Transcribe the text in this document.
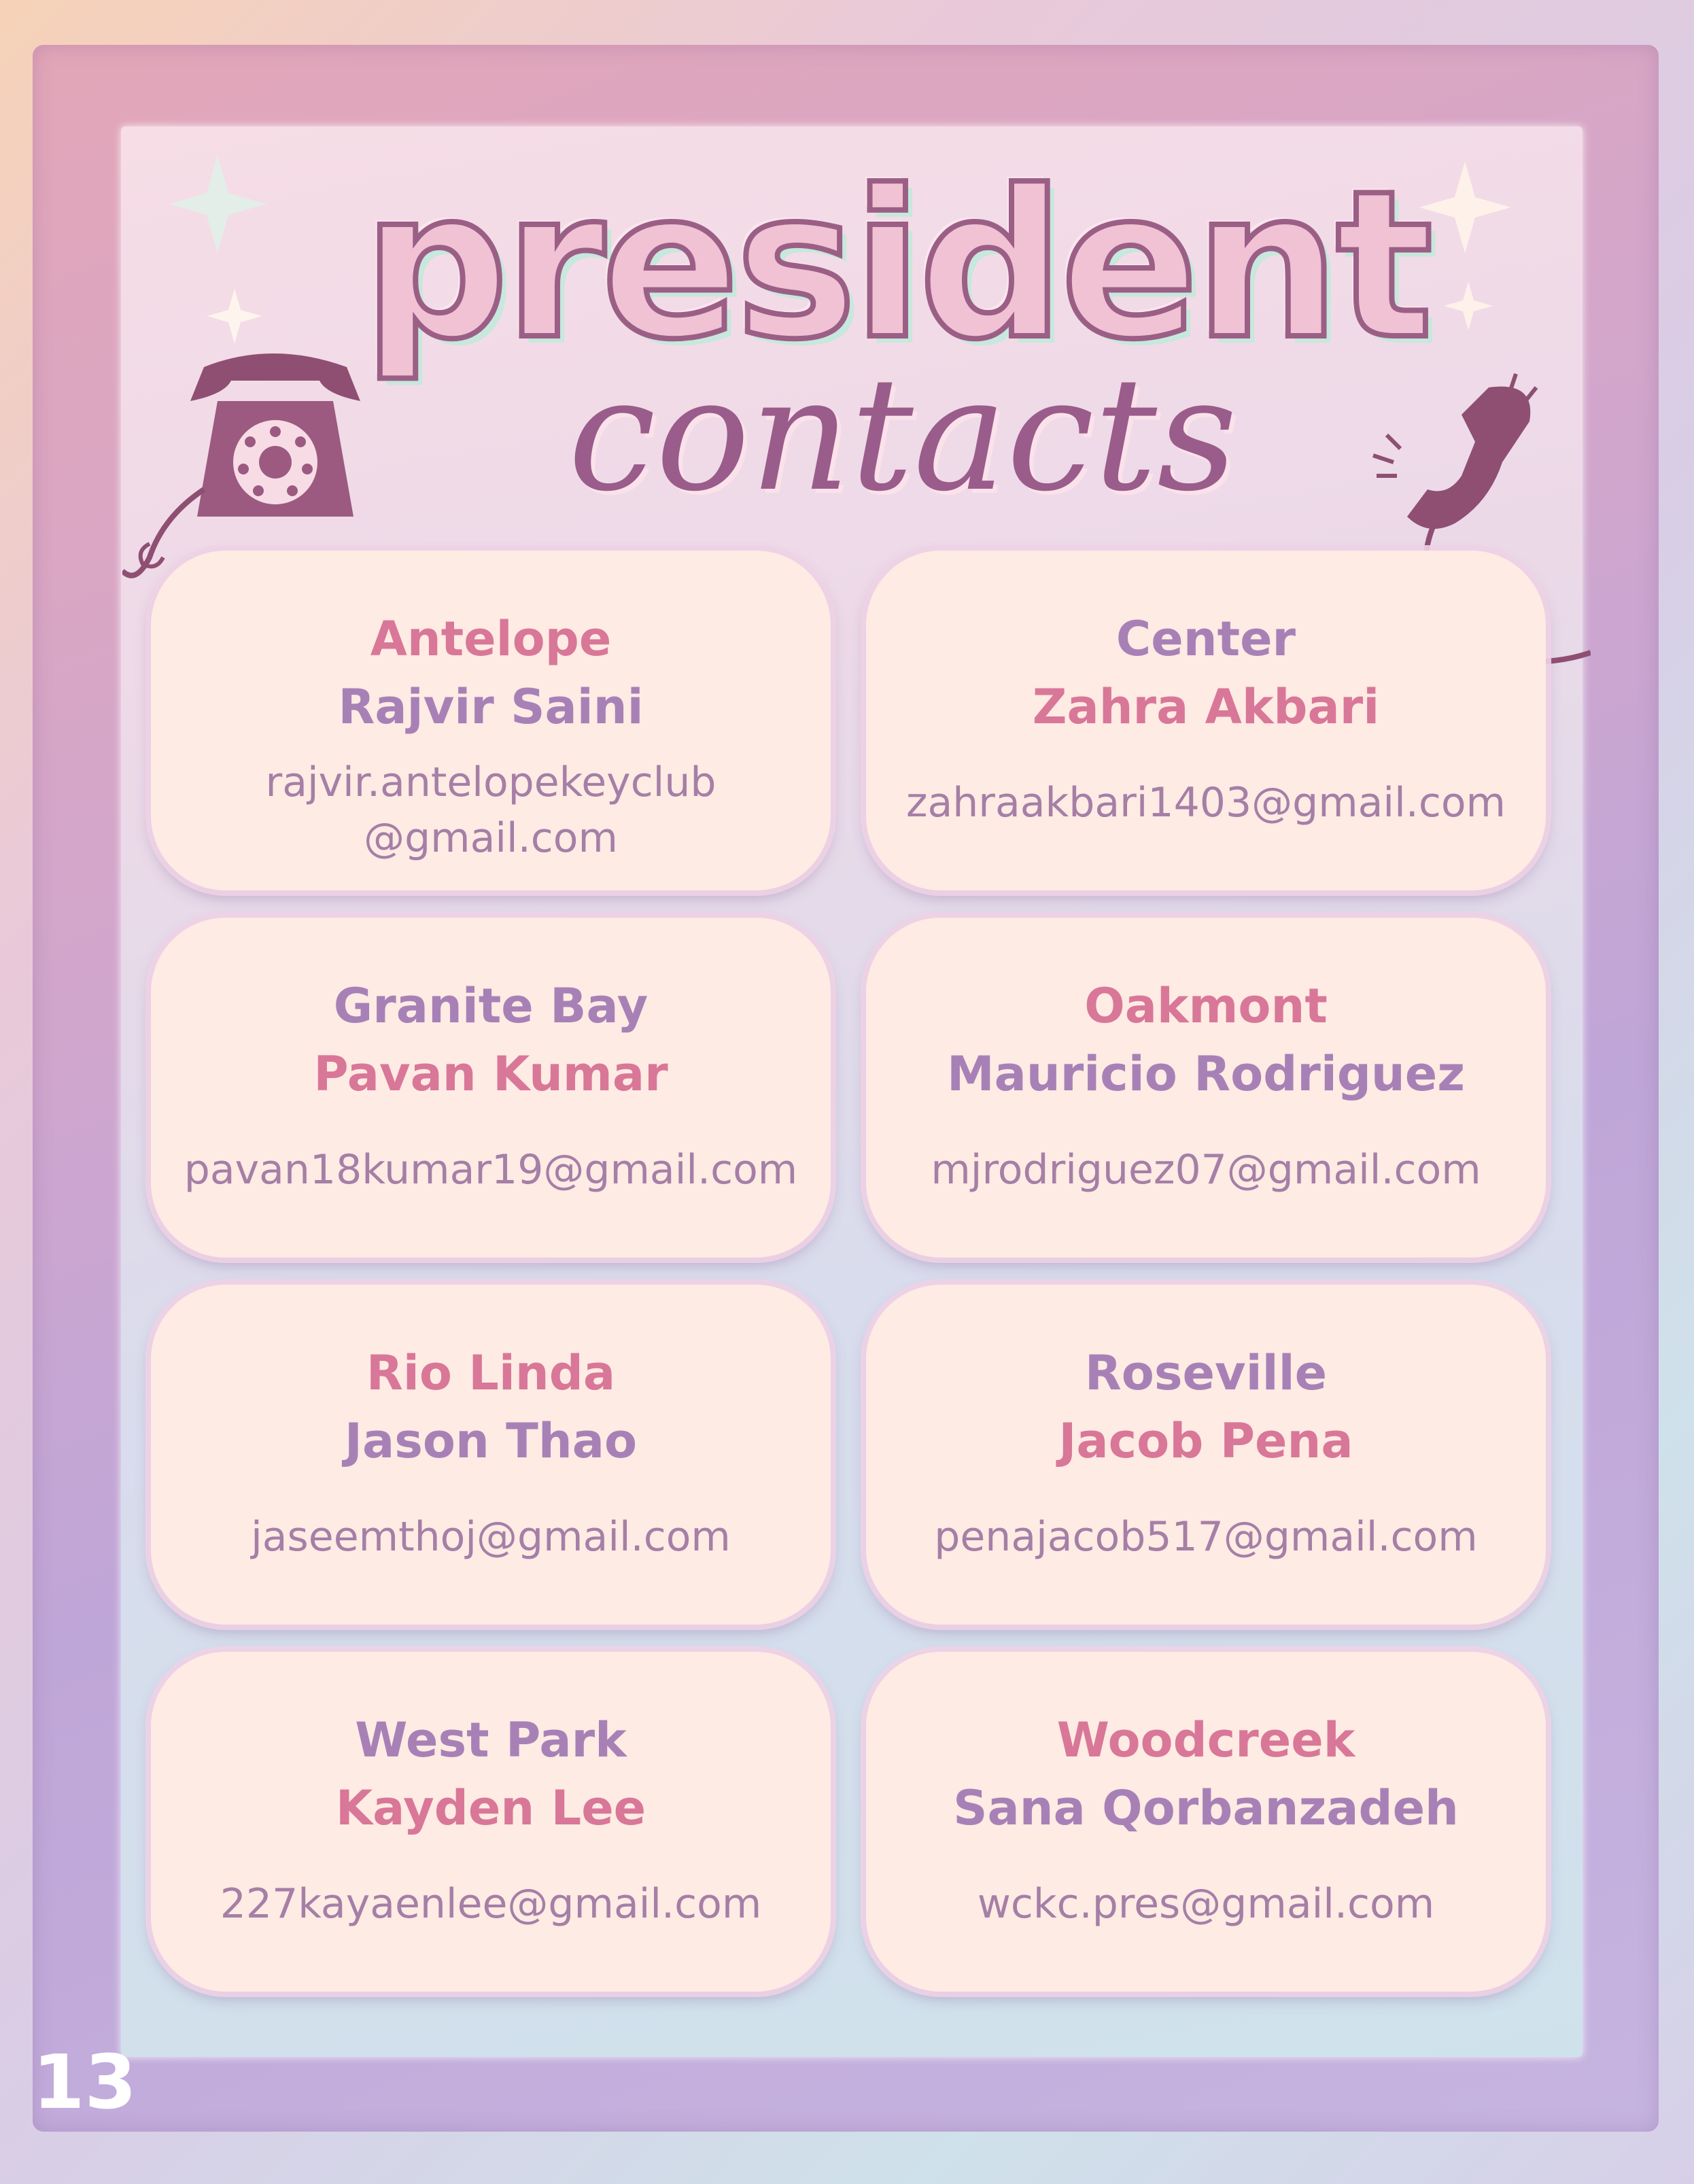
president
contacts
Antelope
Rajvir Saini
rajvir.antelopekeyclub
@gmail.com
Center
Zahra Akbari
zahraakbari1403@gmail.com
Granite Bay
Pavan Kumar
pavan18kumar19@gmail.com
Oakmont
Mauricio Rodriguez
mjrodriguez07@gmail.com
Rio Linda
Jason Thao
jaseemthoj@gmail.com
Roseville
Jacob Pena
penajacob517@gmail.com
West Park
Kayden Lee
227kayaenlee@gmail.com
Woodcreek
Sana Qorbanzadeh
wckc.pres@gmail.com
13
